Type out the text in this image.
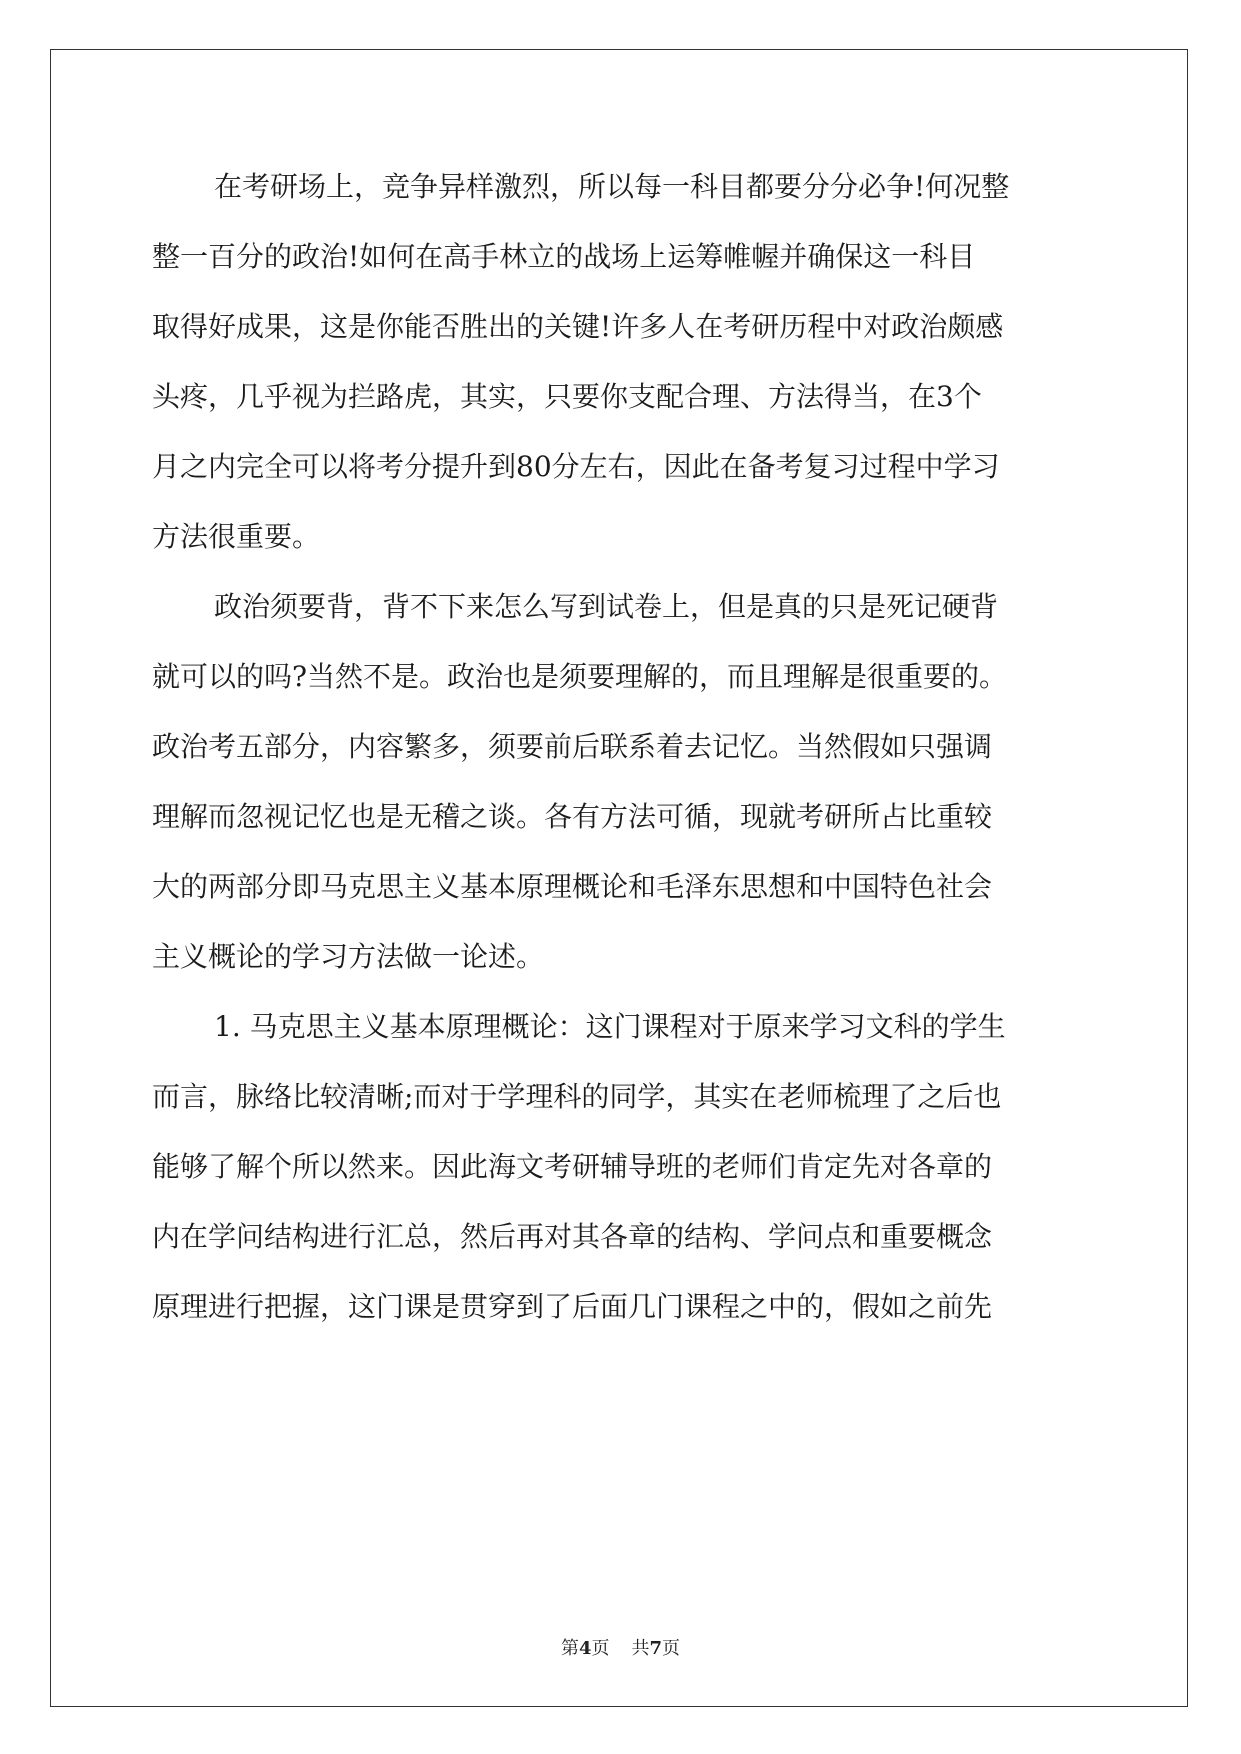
在考研场上，竞争异样激烈，所以每一科目都要分分必争!何况整
整一百分的政治!如何在高手林立的战场上运筹帷幄并确保这一科目
取得好成果，这是你能否胜出的关键!许多人在考研历程中对政治颇感
头疼，几乎视为拦路虎，其实，只要你支配合理、方法得当，在3个
月之内完全可以将考分提升到80分左右，因此在备考复习过程中学习
方法很重要。
政治须要背，背不下来怎么写到试卷上，但是真的只是死记硬背
就可以的吗?当然不是。政治也是须要理解的，而且理解是很重要的。
政治考五部分，内容繁多，须要前后联系着去记忆。当然假如只强调
理解而忽视记忆也是无稽之谈。各有方法可循，现就考研所占比重较
大的两部分即马克思主义基本原理概论和毛泽东思想和中国特色社会
主义概论的学习方法做一论述。
1. 马克思主义基本原理概论：这门课程对于原来学习文科的学生
而言，脉络比较清晰;而对于学理科的同学，其实在老师梳理了之后也
能够了解个所以然来。因此海文考研辅导班的老师们肯定先对各章的
内在学问结构进行汇总，然后再对其各章的结构、学问点和重要概念
原理进行把握，这门课是贯穿到了后面几门课程之中的，假如之前先
第4页 共7页
